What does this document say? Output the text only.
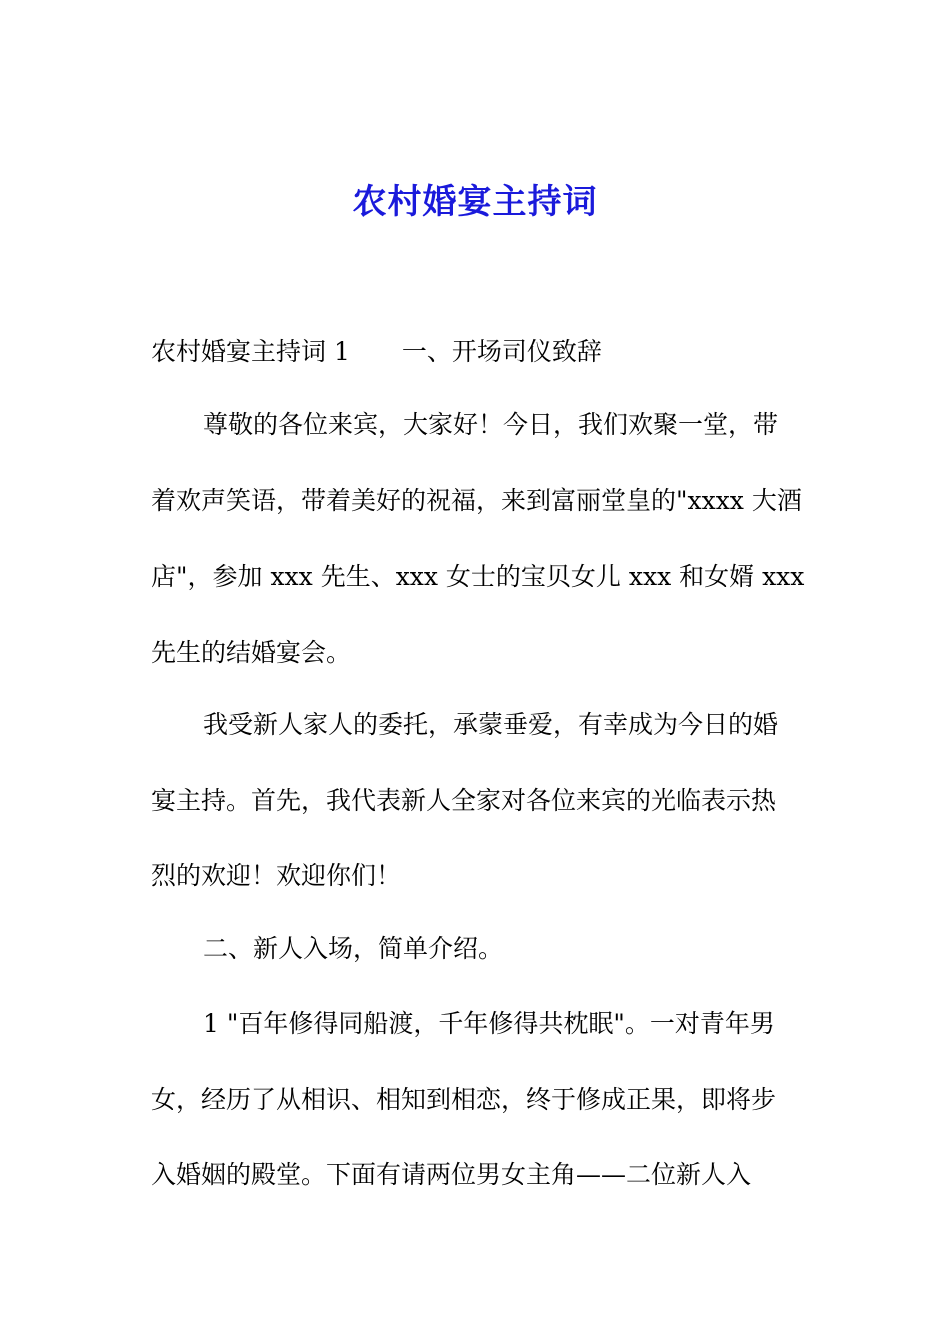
农村婚宴主持词
农村婚宴主持词 1 一、开场司仪致辞
尊敬的各位来宾，大家好！今日，我们欢聚一堂，带
着欢声笑语，带着美好的祝福，来到富丽堂皇的"xxxx 大酒
店"，参加 xxx 先生、xxx 女士的宝贝女儿 xxx 和女婿 xxx
先生的结婚宴会。
我受新人家人的委托，承蒙垂爱，有幸成为今日的婚
宴主持。首先，我代表新人全家对各位来宾的光临表示热
烈的欢迎！欢迎你们！
二、新人入场，简单介绍。
1 "百年修得同船渡，千年修得共枕眠"。一对青年男
女，经历了从相识、相知到相恋，终于修成正果，即将步
入婚姻的殿堂。下面有请两位男女主角——二位新人入
